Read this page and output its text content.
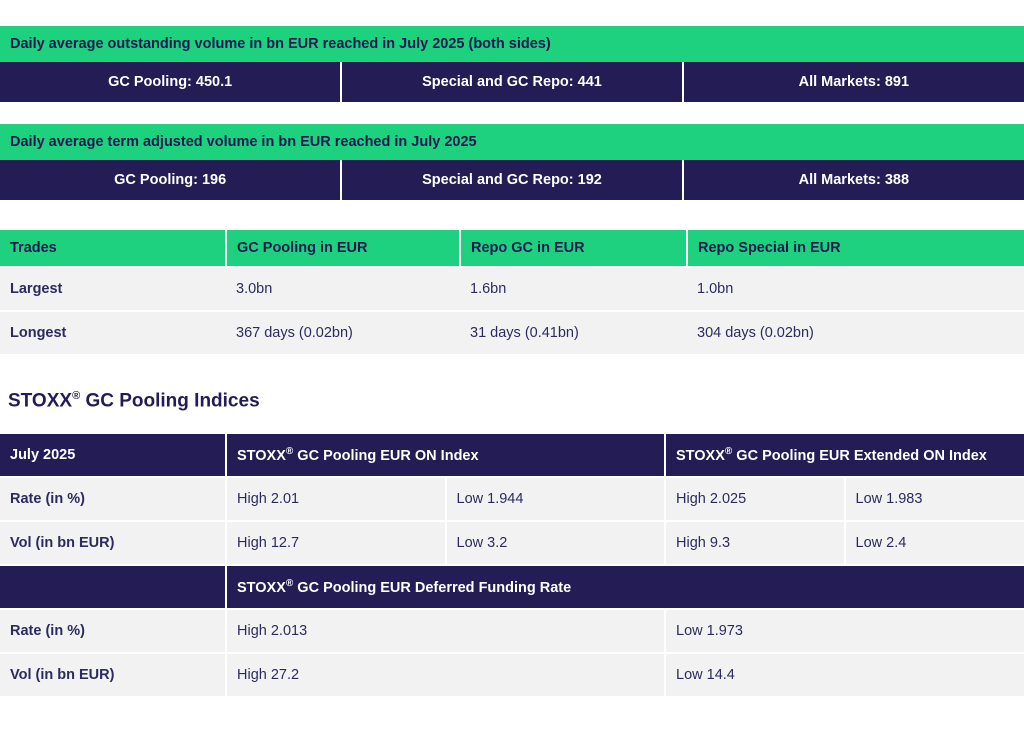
Daily average outstanding volume in bn EUR reached in July 2025 (both sides)
GC Pooling: 450.1	Special and GC Repo: 441	All Markets: 891
Daily average term adjusted volume in bn EUR reached in July 2025
GC Pooling: 196	Special and GC Repo: 192	All Markets: 388
Trades	GC Pooling in EUR	Repo GC in EUR	Repo Special in EUR
Largest	3.0bn	1.6bn	1.0bn
Longest	367 days (0.02bn)	31 days (0.41bn)	304 days (0.02bn)
STOXX® GC Pooling Indices
July 2025	STOXX® GC Pooling EUR ON Index		STOXX® GC Pooling EUR Extended ON Index	
Rate (in %)	High 2.01	Low 1.944	High 2.025	Low 1.983
Vol (in bn EUR)	High 12.7	Low 3.2	High 9.3	Low 2.4
	STOXX® GC Pooling EUR Deferred Funding Rate			
Rate (in %)	High 2.013		Low 1.973	
Vol (in bn EUR)	High 27.2		Low 14.4	
